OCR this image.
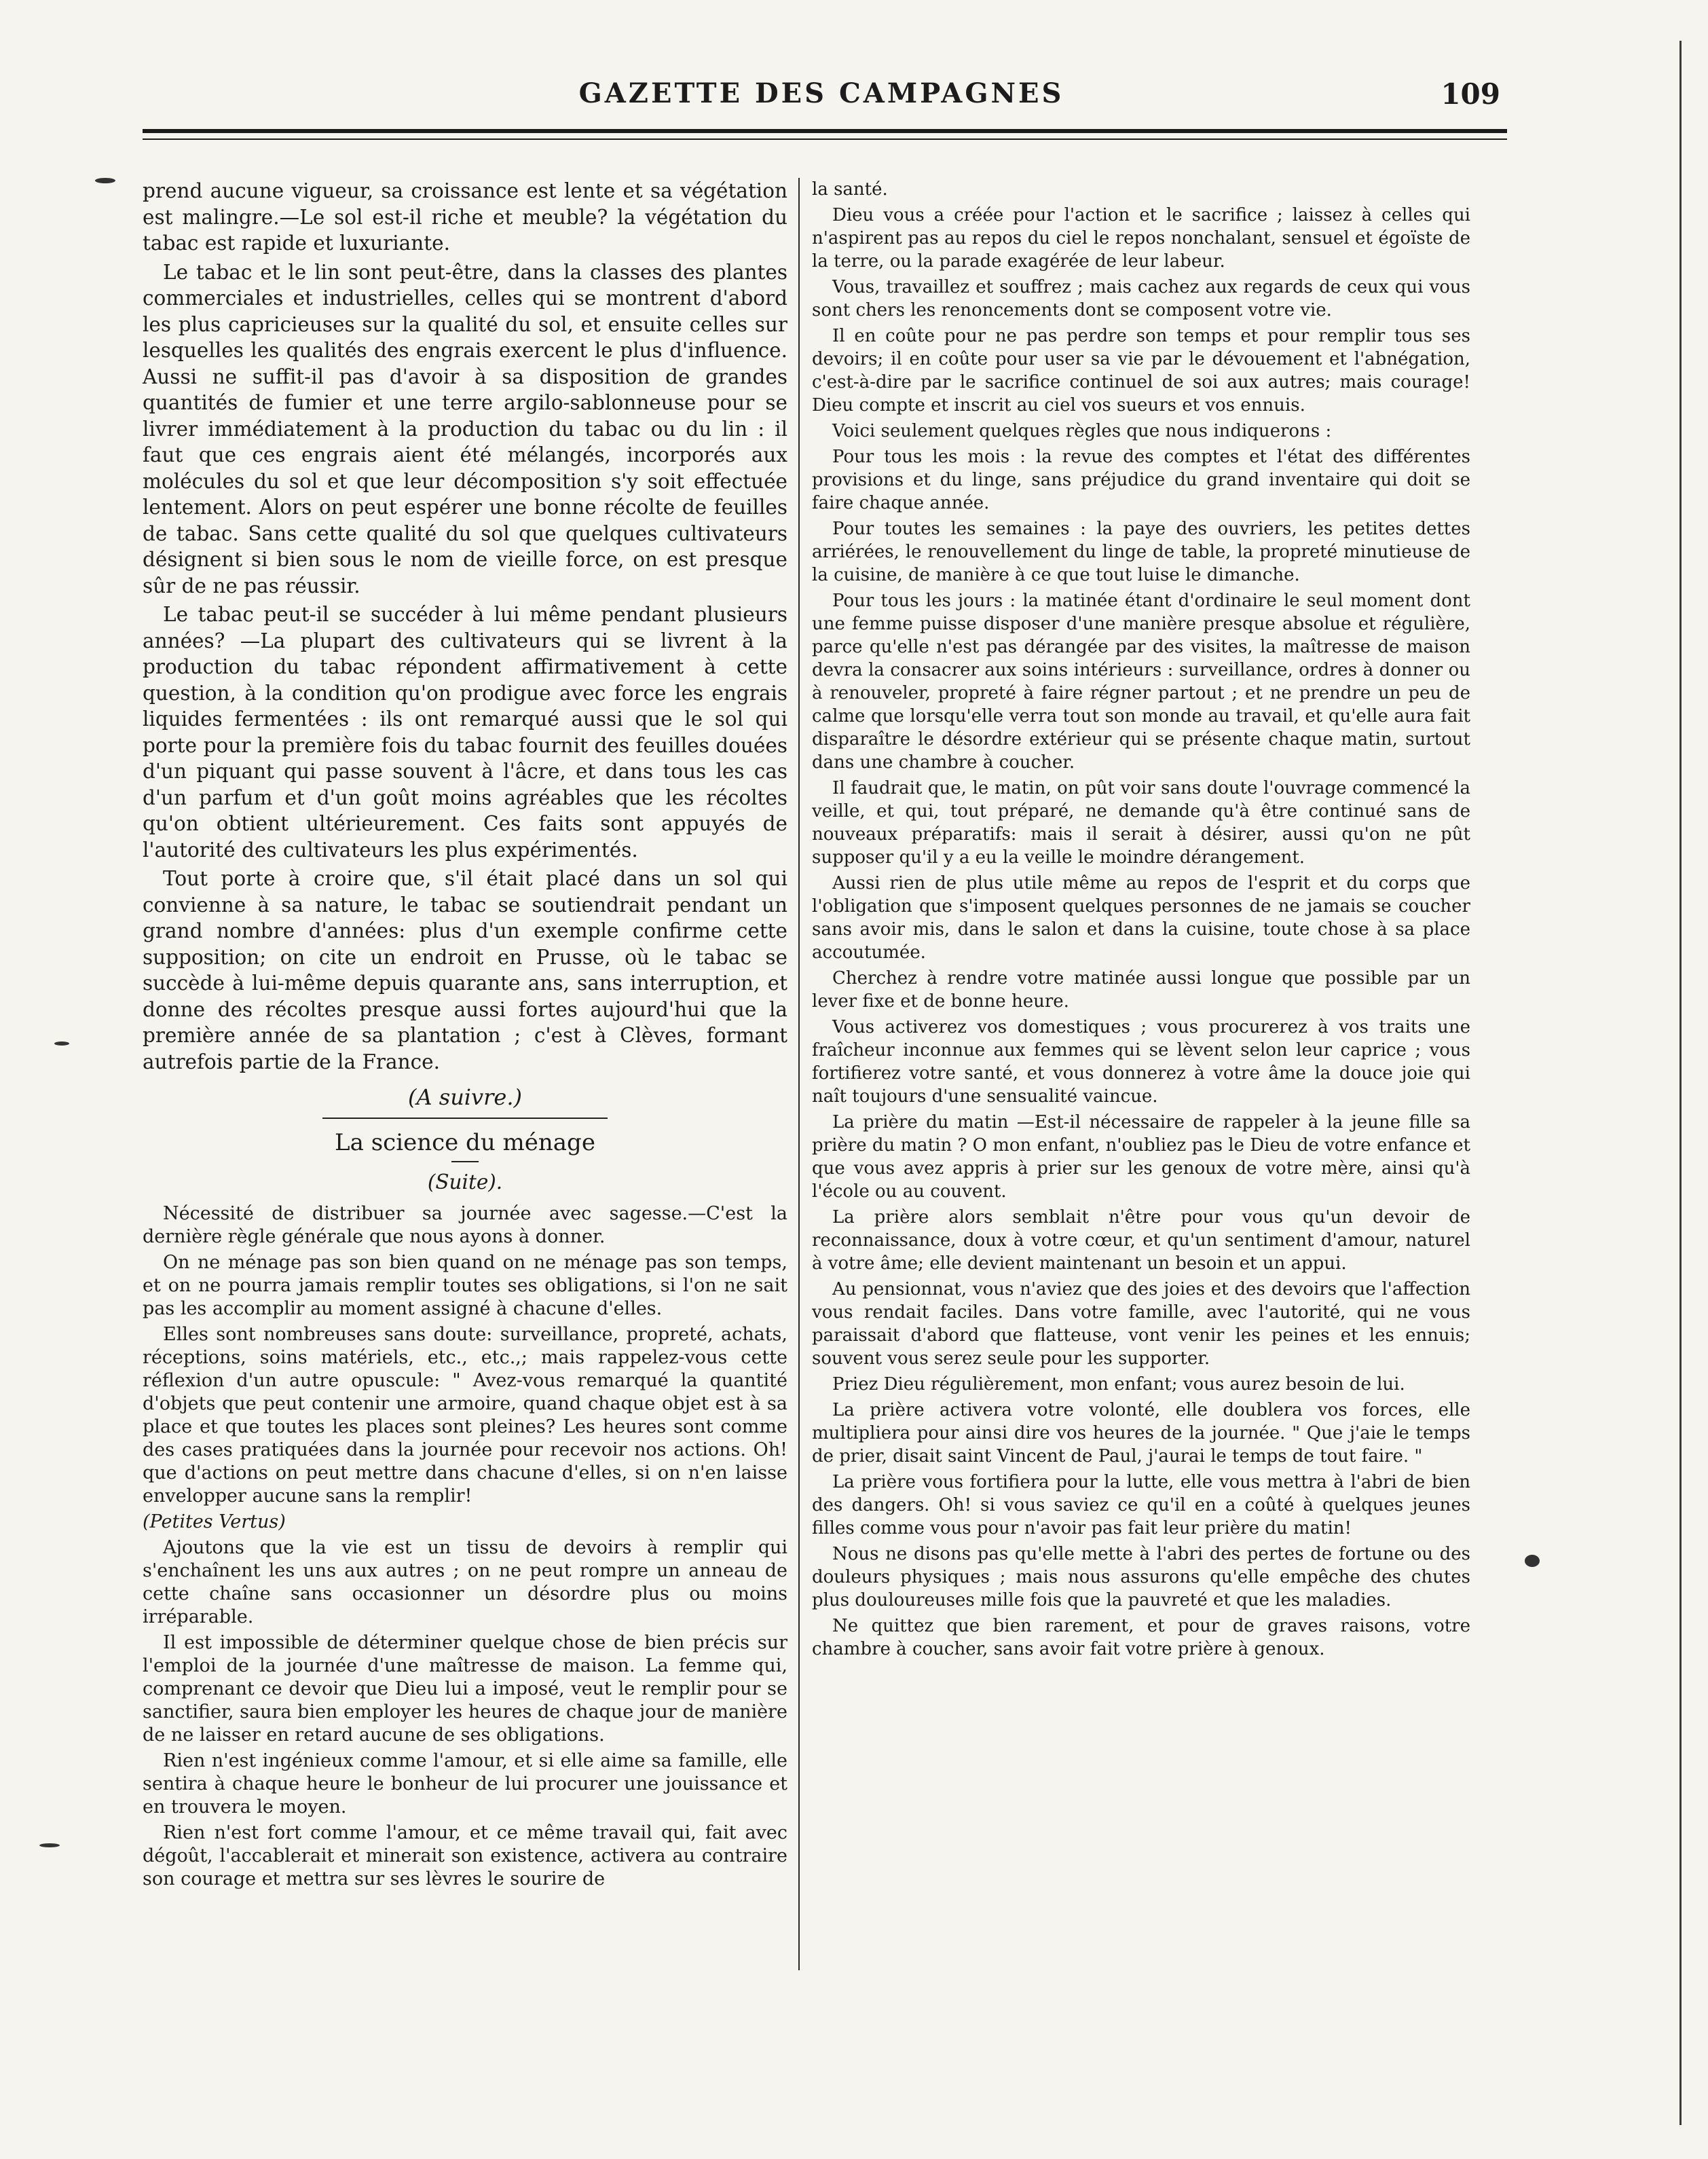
GAZETTE DES CAMPAGNES	109

prend aucune vigueur, sa croissance est lente et sa végétation est malingre.—Le sol est-il riche et meuble? la végétation du tabac est rapide et luxuriante.

Le tabac et le lin sont peut-être, dans la classes des plantes commerciales et industrielles, celles qui se montrent d'abord les plus capricieuses sur la qualité du sol, et ensuite celles sur lesquelles les qualités des engrais exercent le plus d'influence. Aussi ne suffit-il pas d'avoir à sa disposition de grandes quantités de fumier et une terre argilo-sablonneuse pour se livrer immédiatement à la production du tabac ou du lin : il faut que ces engrais aient été mélangés, incorporés aux molécules du sol et que leur décomposition s'y soit effectuée lentement. Alors on peut espérer une bonne récolte de feuilles de tabac. Sans cette qualité du sol que quelques cultivateurs désignent si bien sous le nom de vieille force, on est presque sûr de ne pas réussir.

Le tabac peut-il se succéder à lui même pendant plusieurs années? —La plupart des cultivateurs qui se livrent à la production du tabac répondent affirmativement à cette question, à la condition qu'on prodigue avec force les engrais liquides fermentées : ils ont remarqué aussi que le sol qui porte pour la première fois du tabac fournit des feuilles douées d'un piquant qui passe souvent à l'âcre, et dans tous les cas d'un parfum et d'un goût moins agréables que les récoltes qu'on obtient ultérieurement. Ces faits sont appuyés de l'autorité des cultivateurs les plus expérimentés.

Tout porte à croire que, s'il était placé dans un sol qui convienne à sa nature, le tabac se soutiendrait pendant un grand nombre d'années: plus d'un exemple confirme cette supposition; on cite un endroit en Prusse, où le tabac se succède à lui-même depuis quarante ans, sans interruption, et donne des récoltes presque aussi fortes aujourd'hui que la première année de sa plantation ; c'est à Clèves, formant autrefois partie de la France.

(A suivre.)

La science du ménage

(Suite).

Nécessité de distribuer sa journée avec sagesse.—C'est la dernière règle générale que nous ayons à donner.

On ne ménage pas son bien quand on ne ménage pas son temps, et on ne pourra jamais remplir toutes ses obligations, si l'on ne sait pas les accomplir au moment assigné à chacune d'elles.

Elles sont nombreuses sans doute: surveillance, propreté, achats, réceptions, soins matériels, etc., etc.,; mais rappelez-vous cette réflexion d'un autre opuscule: " Avez-vous remarqué la quantité d'objets que peut contenir une armoire, quand chaque objet est à sa place et que toutes les places sont pleines? Les heures sont comme des cases pratiquées dans la journée pour recevoir nos actions. Oh! que d'actions on peut mettre dans chacune d'elles, si on n'en laisse envelopper aucune sans la remplir!

(Petites Vertus)

Ajoutons que la vie est un tissu de devoirs à remplir qui s'enchaînent les uns aux autres ; on ne peut rompre un anneau de cette chaîne sans occasionner un désordre plus ou moins irréparable.

Il est impossible de déterminer quelque chose de bien précis sur l'emploi de la journée d'une maîtresse de maison. La femme qui, comprenant ce devoir que Dieu lui a imposé, veut le remplir pour se sanctifier, saura bien employer les heures de chaque jour de manière de ne laisser en retard aucune de ses obligations.

Rien n'est ingénieux comme l'amour, et si elle aime sa famille, elle sentira à chaque heure le bonheur de lui procurer une jouissance et en trouvera le moyen.

Rien n'est fort comme l'amour, et ce même travail qui, fait avec dégoût, l'accablerait et minerait son existence, activera au contraire son courage et mettra sur ses lèvres le sourire de

la santé.

Dieu vous a créée pour l'action et le sacrifice ; laissez à celles qui n'aspirent pas au repos du ciel le repos nonchalant, sensuel et égoïste de la terre, ou la parade exagérée de leur labeur.

Vous, travaillez et souffrez ; mais cachez aux regards de ceux qui vous sont chers les renoncements dont se composent votre vie.

Il en coûte pour ne pas perdre son temps et pour remplir tous ses devoirs; il en coûte pour user sa vie par le dévouement et l'abnégation, c'est-à-dire par le sacrifice continuel de soi aux autres; mais courage! Dieu compte et inscrit au ciel vos sueurs et vos ennuis.

Voici seulement quelques règles que nous indiquerons :

Pour tous les mois : la revue des comptes et l'état des différentes provisions et du linge, sans préjudice du grand inventaire qui doit se faire chaque année.

Pour toutes les semaines : la paye des ouvriers, les petites dettes arriérées, le renouvellement du linge de table, la propreté minutieuse de la cuisine, de manière à ce que tout luise le dimanche.

Pour tous les jours : la matinée étant d'ordinaire le seul moment dont une femme puisse disposer d'une manière presque absolue et régulière, parce qu'elle n'est pas dérangée par des visites, la maîtresse de maison devra la consacrer aux soins intérieurs : surveillance, ordres à donner ou à renouveler, propreté à faire régner partout ; et ne prendre un peu de calme que lorsqu'elle verra tout son monde au travail, et qu'elle aura fait disparaître le désordre extérieur qui se présente chaque matin, surtout dans une chambre à coucher.

Il faudrait que, le matin, on pût voir sans doute l'ouvrage commencé la veille, et qui, tout préparé, ne demande qu'à être continué sans de nouveaux préparatifs: mais il serait à désirer, aussi qu'on ne pût supposer qu'il y a eu la veille le moindre dérangement.

Aussi rien de plus utile même au repos de l'esprit et du corps que l'obligation que s'imposent quelques personnes de ne jamais se coucher sans avoir mis, dans le salon et dans la cuisine, toute chose à sa place accoutumée.

Cherchez à rendre votre matinée aussi longue que possible par un lever fixe et de bonne heure.

Vous activerez vos domestiques ; vous procurerez à vos traits une fraîcheur inconnue aux femmes qui se lèvent selon leur caprice ; vous fortifierez votre santé, et vous donnerez à votre âme la douce joie qui naît toujours d'une sensualité vaincue.

La prière du matin —Est-il nécessaire de rappeler à la jeune fille sa prière du matin ? O mon enfant, n'oubliez pas le Dieu de votre enfance et que vous avez appris à prier sur les genoux de votre mère, ainsi qu'à l'école ou au couvent.

La prière alors semblait n'être pour vous qu'un devoir de reconnaissance, doux à votre cœur, et qu'un sentiment d'amour, naturel à votre âme; elle devient maintenant un besoin et un appui.

Au pensionnat, vous n'aviez que des joies et des devoirs que l'affection vous rendait faciles. Dans votre famille, avec l'autorité, qui ne vous paraissait d'abord que flatteuse, vont venir les peines et les ennuis; souvent vous serez seule pour les supporter.

Priez Dieu régulièrement, mon enfant; vous aurez besoin de lui.

La prière activera votre volonté, elle doublera vos forces, elle multipliera pour ainsi dire vos heures de la journée. " Que j'aie le temps de prier, disait saint Vincent de Paul, j'aurai le temps de tout faire. "

La prière vous fortifiera pour la lutte, elle vous mettra à l'abri de bien des dangers. Oh! si vous saviez ce qu'il en a coûté à quelques jeunes filles comme vous pour n'avoir pas fait leur prière du matin!

Nous ne disons pas qu'elle mette à l'abri des pertes de fortune ou des douleurs physiques ; mais nous assurons qu'elle empêche des chutes plus douloureuses mille fois que la pauvreté et que les maladies.

Ne quittez que bien rarement, et pour de graves raisons, votre chambre à coucher, sans avoir fait votre prière à genoux.
